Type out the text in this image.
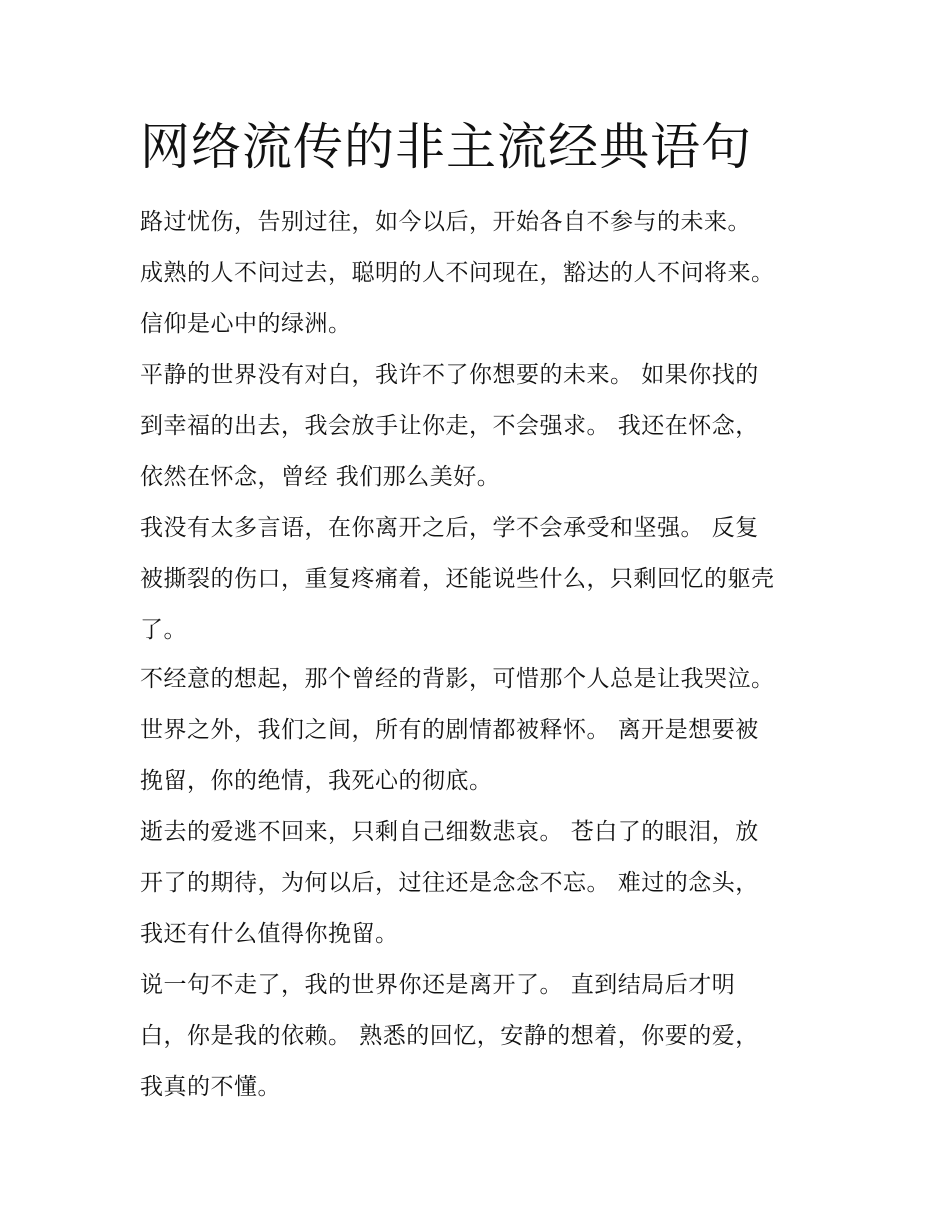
网络流传的非主流经典语句
路过忧伤，告别过往，如今以后，开始各自不参与的未来。
成熟的人不问过去，聪明的人不问现在，豁达的人不问将来。
信仰是心中的绿洲。
平静的世界没有对白，我许不了你想要的未来。 如果你找的
到幸福的出去，我会放手让你走，不会强求。 我还在怀念，
依然在怀念，曾经 我们那么美好。
我没有太多言语，在你离开之后，学不会承受和坚强。 反复
被撕裂的伤口，重复疼痛着，还能说些什么，只剩回忆的躯壳
了。
不经意的想起，那个曾经的背影，可惜那个人总是让我哭泣。
世界之外，我们之间，所有的剧情都被释怀。 离开是想要被
挽留，你的绝情，我死心的彻底。
逝去的爱逃不回来，只剩自己细数悲哀。 苍白了的眼泪，放
开了的期待，为何以后，过往还是念念不忘。 难过的念头，
我还有什么值得你挽留。
说一句不走了，我的世界你还是离开了。 直到结局后才明
白，你是我的依赖。 熟悉的回忆，安静的想着，你要的爱，
我真的不懂。
